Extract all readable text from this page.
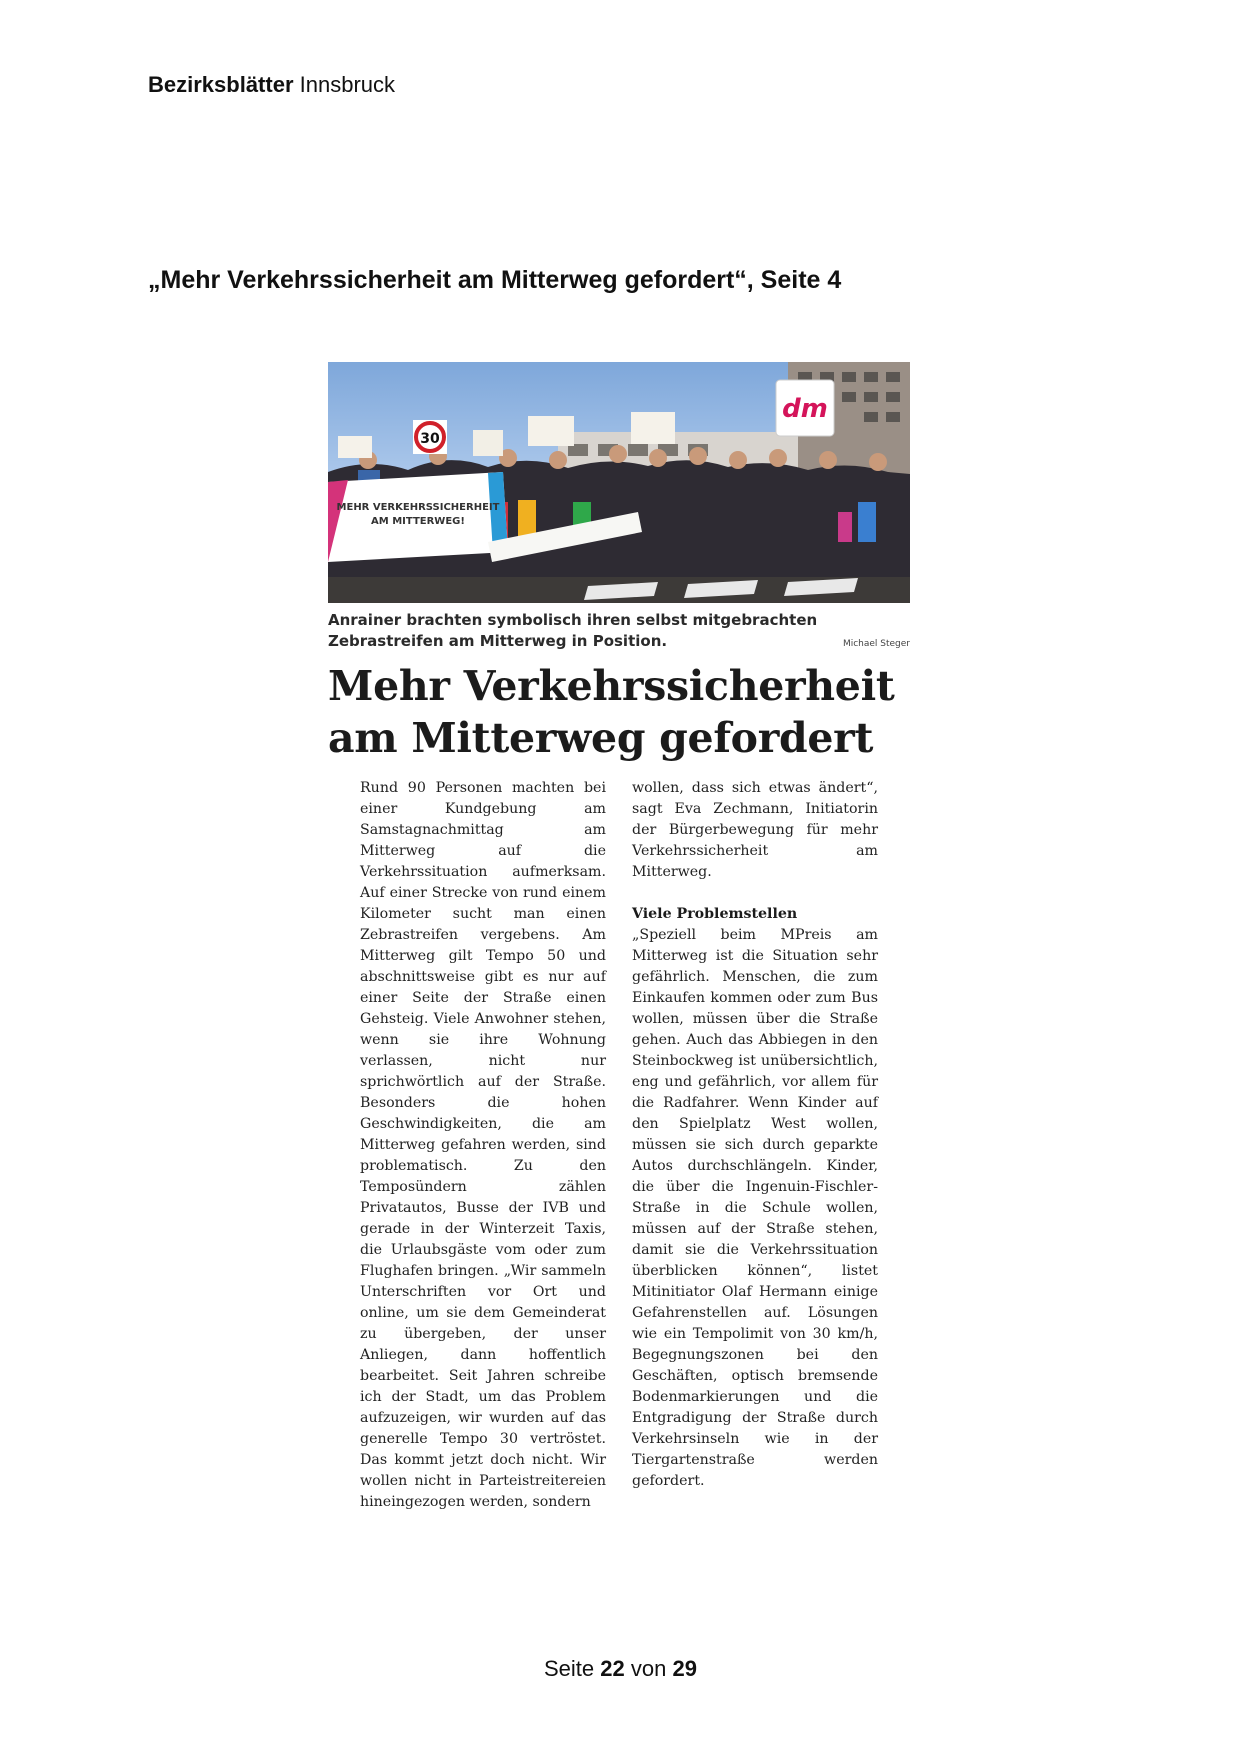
Bezirksblätter Innsbruck
„Mehr Verkehrssicherheit am Mitterweg gefordert“, Seite 4
dm
30
MEHR VERKEHRSSICHERHEIT
AM MITTERWEG!
Anrainer brachten symbolisch ihren selbst mitgebrachten Zebrastreifen am Mitterweg in Position.	Michael Steger
Mehr Verkehrssicherheit
am Mitterweg gefordert

Rund 90 Personen machten bei einer Kundgebung am Samstagnachmittag am Mitterweg auf die Verkehrssituation aufmerksam. Auf einer Strecke von rund einem Kilometer sucht man einen Zebrastreifen vergebens. Am Mitterweg gilt Tempo 50 und abschnittsweise gibt es nur auf einer Seite der Straße einen Gehsteig. Viele Anwohner stehen, wenn sie ihre Wohnung verlassen, nicht nur sprichwörtlich auf der Straße. Besonders die hohen Geschwindigkeiten, die am Mitterweg gefahren werden, sind problematisch. Zu den Temposündern zählen Privatautos, Busse der IVB und gerade in der Winterzeit Taxis, die Urlaubsgäste vom oder zum Flughafen bringen. „Wir sammeln Unterschriften vor Ort und online, um sie dem Gemeinderat zu übergeben, der unser Anliegen, dann hoffentlich bearbeitet. Seit Jahren schreibe ich der Stadt, um das Problem aufzuzeigen, wir wurden auf das generelle Tempo 30 vertröstet. Das kommt jetzt doch nicht. Wir wollen nicht in Parteistreitereien hineingezogen werden, sondern

wollen, dass sich etwas ändert“, sagt Eva Zechmann, Initiatorin der Bürgerbewegung für mehr Verkehrssicherheit am Mitterweg.

Viele Problemstellen

„Speziell beim MPreis am Mitterweg ist die Situation sehr gefährlich. Menschen, die zum Einkaufen kommen oder zum Bus wollen, müssen über die Straße gehen. Auch das Abbiegen in den Steinbockweg ist unübersichtlich, eng und gefährlich, vor allem für die Radfahrer. Wenn Kinder auf den Spielplatz West wollen, müssen sie sich durch geparkte Autos durchschlängeln. Kinder, die über die Ingenuin-Fischler-Straße in die Schule wollen, müssen auf der Straße stehen, damit sie die Verkehrssituation überblicken können“, listet Mitinitiator Olaf Hermann einige Gefahrenstellen auf. Lösungen wie ein Tempolimit von 30 km/h, Begegnungszonen bei den Geschäften, optisch bremsende Bodenmarkierungen und die Entgradigung der Straße durch Verkehrsinseln wie in der Tiergartenstraße werden gefordert.

Seite 22 von 29
